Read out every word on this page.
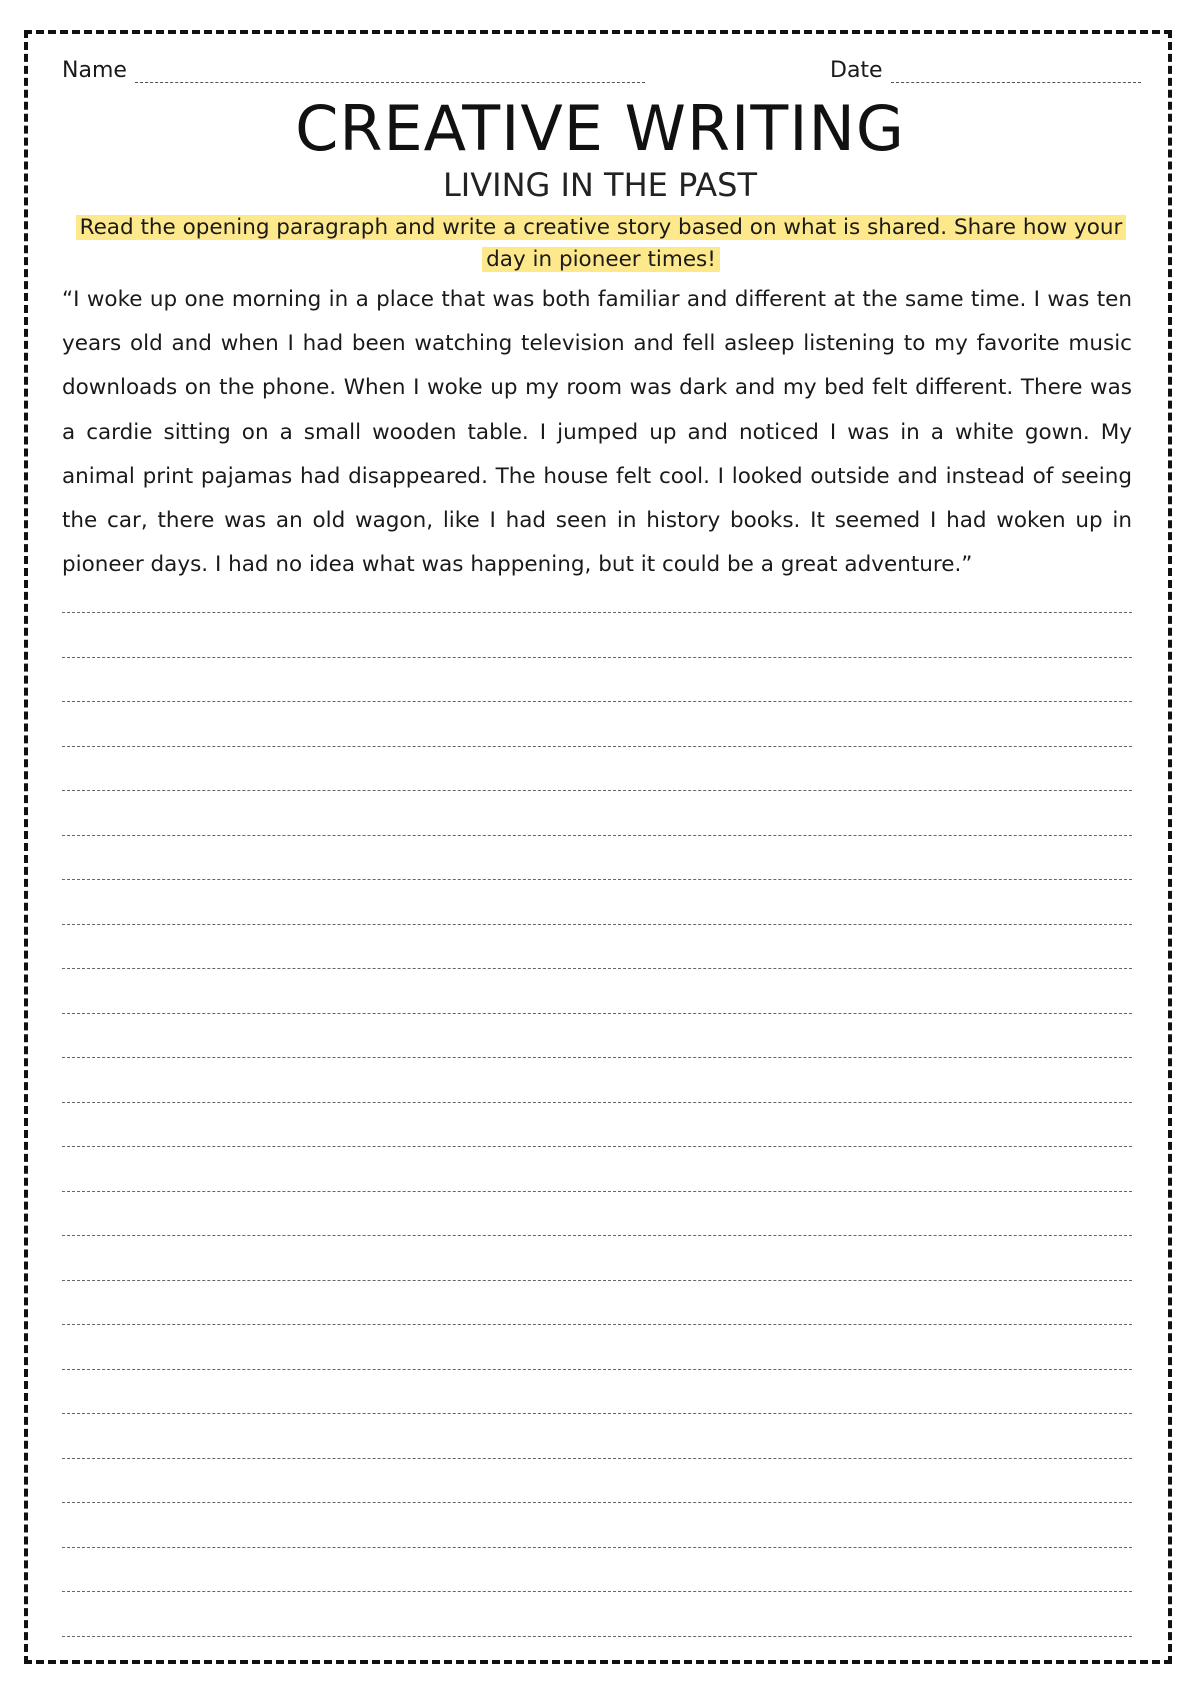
Name	Date
CREATIVE WRITING
LIVING IN THE PAST
Read the opening paragraph and write a creative story based on what is shared. Share how your day in pioneer times!
“I woke up one morning in a place that was both familiar and different at the same time. I was ten years old and when I had been watching television and fell asleep listening to my favorite music downloads on the phone. When I woke up my room was dark and my bed felt different. There was a cardie sitting on a small wooden table. I jumped up and noticed I was in a white gown. My animal print pajamas had disappeared. The house felt cool. I looked outside and instead of seeing the car, there was an old wagon, like I had seen in history books. It seemed I had woken up in pioneer days. I had no idea what was happening, but it could be a great adventure.”
